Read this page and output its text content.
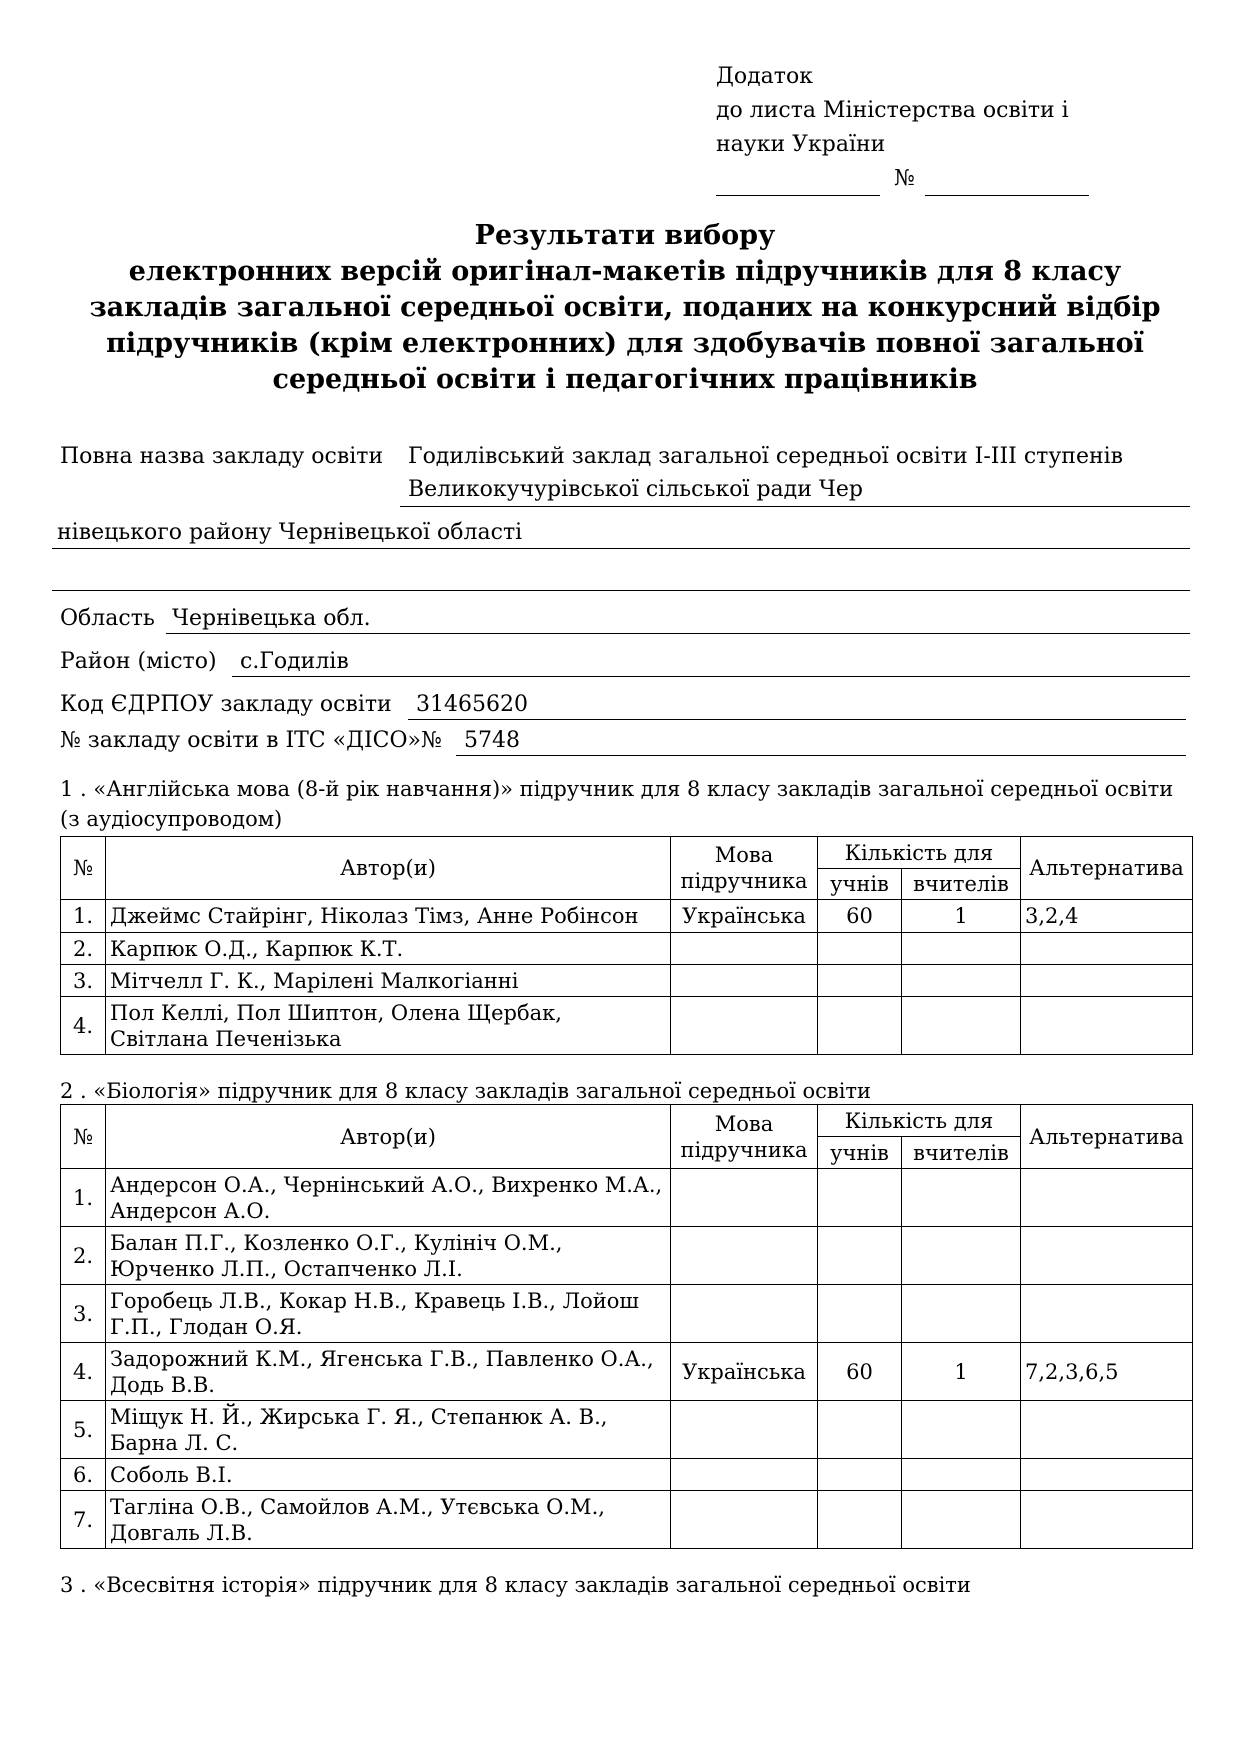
Додаток
до листа Міністерства освіти і
науки України
№
Результати вибору
електронних версій оригінал-макетів підручників для 8 класу
закладів загальної середньої освіти, поданих на конкурсний відбір
підручників (крім електронних) для здобувачів повної загальної
середньої освіти і педагогічних працівників
Повна назва закладу освіти Годилівський заклад загальної середньої освіти I-III ступенів
Великокучурівської сільської ради Чер
нівецького району Чернівецької області
Область Чернівецька обл.
Район (місто) с.Годилів
Код ЄДРПОУ закладу освіти 31465620
№ закладу освіти в ІТС «ДІСО»№ 5748
1 . «Англійська мова (8-й рік навчання)» підручник для 8 класу закладів загальної середньої освіти (з аудіосупроводом)
№	Автор(и)	Мова
підручника	Кількість для		Альтернатива
			учнів	вчителів	
1.	Джеймс Стайрінг, Ніколаз Тімз, Анне Робінсон	Українська	60	1	3,2,4
2.	Карпюк О.Д., Карпюк К.Т.				
3.	Мітчелл Г. К., Марілені Малкогіанні				
4.	Пол Келлі, Пол Шиптон, Олена Щербак, Світлана Печенізька				
2 . «Біологія» підручник для 8 класу закладів загальної середньої освіти
№	Автор(и)	Мова
підручника	Кількість для		Альтернатива
			учнів	вчителів	
1.	Андерсон О.А., Чернінський А.О., Вихренко М.А., Андерсон А.О.				
2.	Балан П.Г., Козленко О.Г., Кулініч О.М., Юрченко Л.П., Остапченко Л.І.				
3.	Горобець Л.В., Кокар Н.В., Кравець І.В., Лойош Г.П., Глодан О.Я.				
4.	Задорожний К.М., Ягенська Г.В., Павленко О.А., Додь В.В.	Українська	60	1	7,2,3,6,5
5.	Міщук Н. Й., Жирська Г. Я., Степанюк А. В., Барна Л. С.				
6.	Соболь В.І.				
7.	Тагліна О.В., Самойлов А.М., Утєвська О.М., Довгаль Л.В.				
3 . «Всесвітня історія» підручник для 8 класу закладів загальної середньої освіти
